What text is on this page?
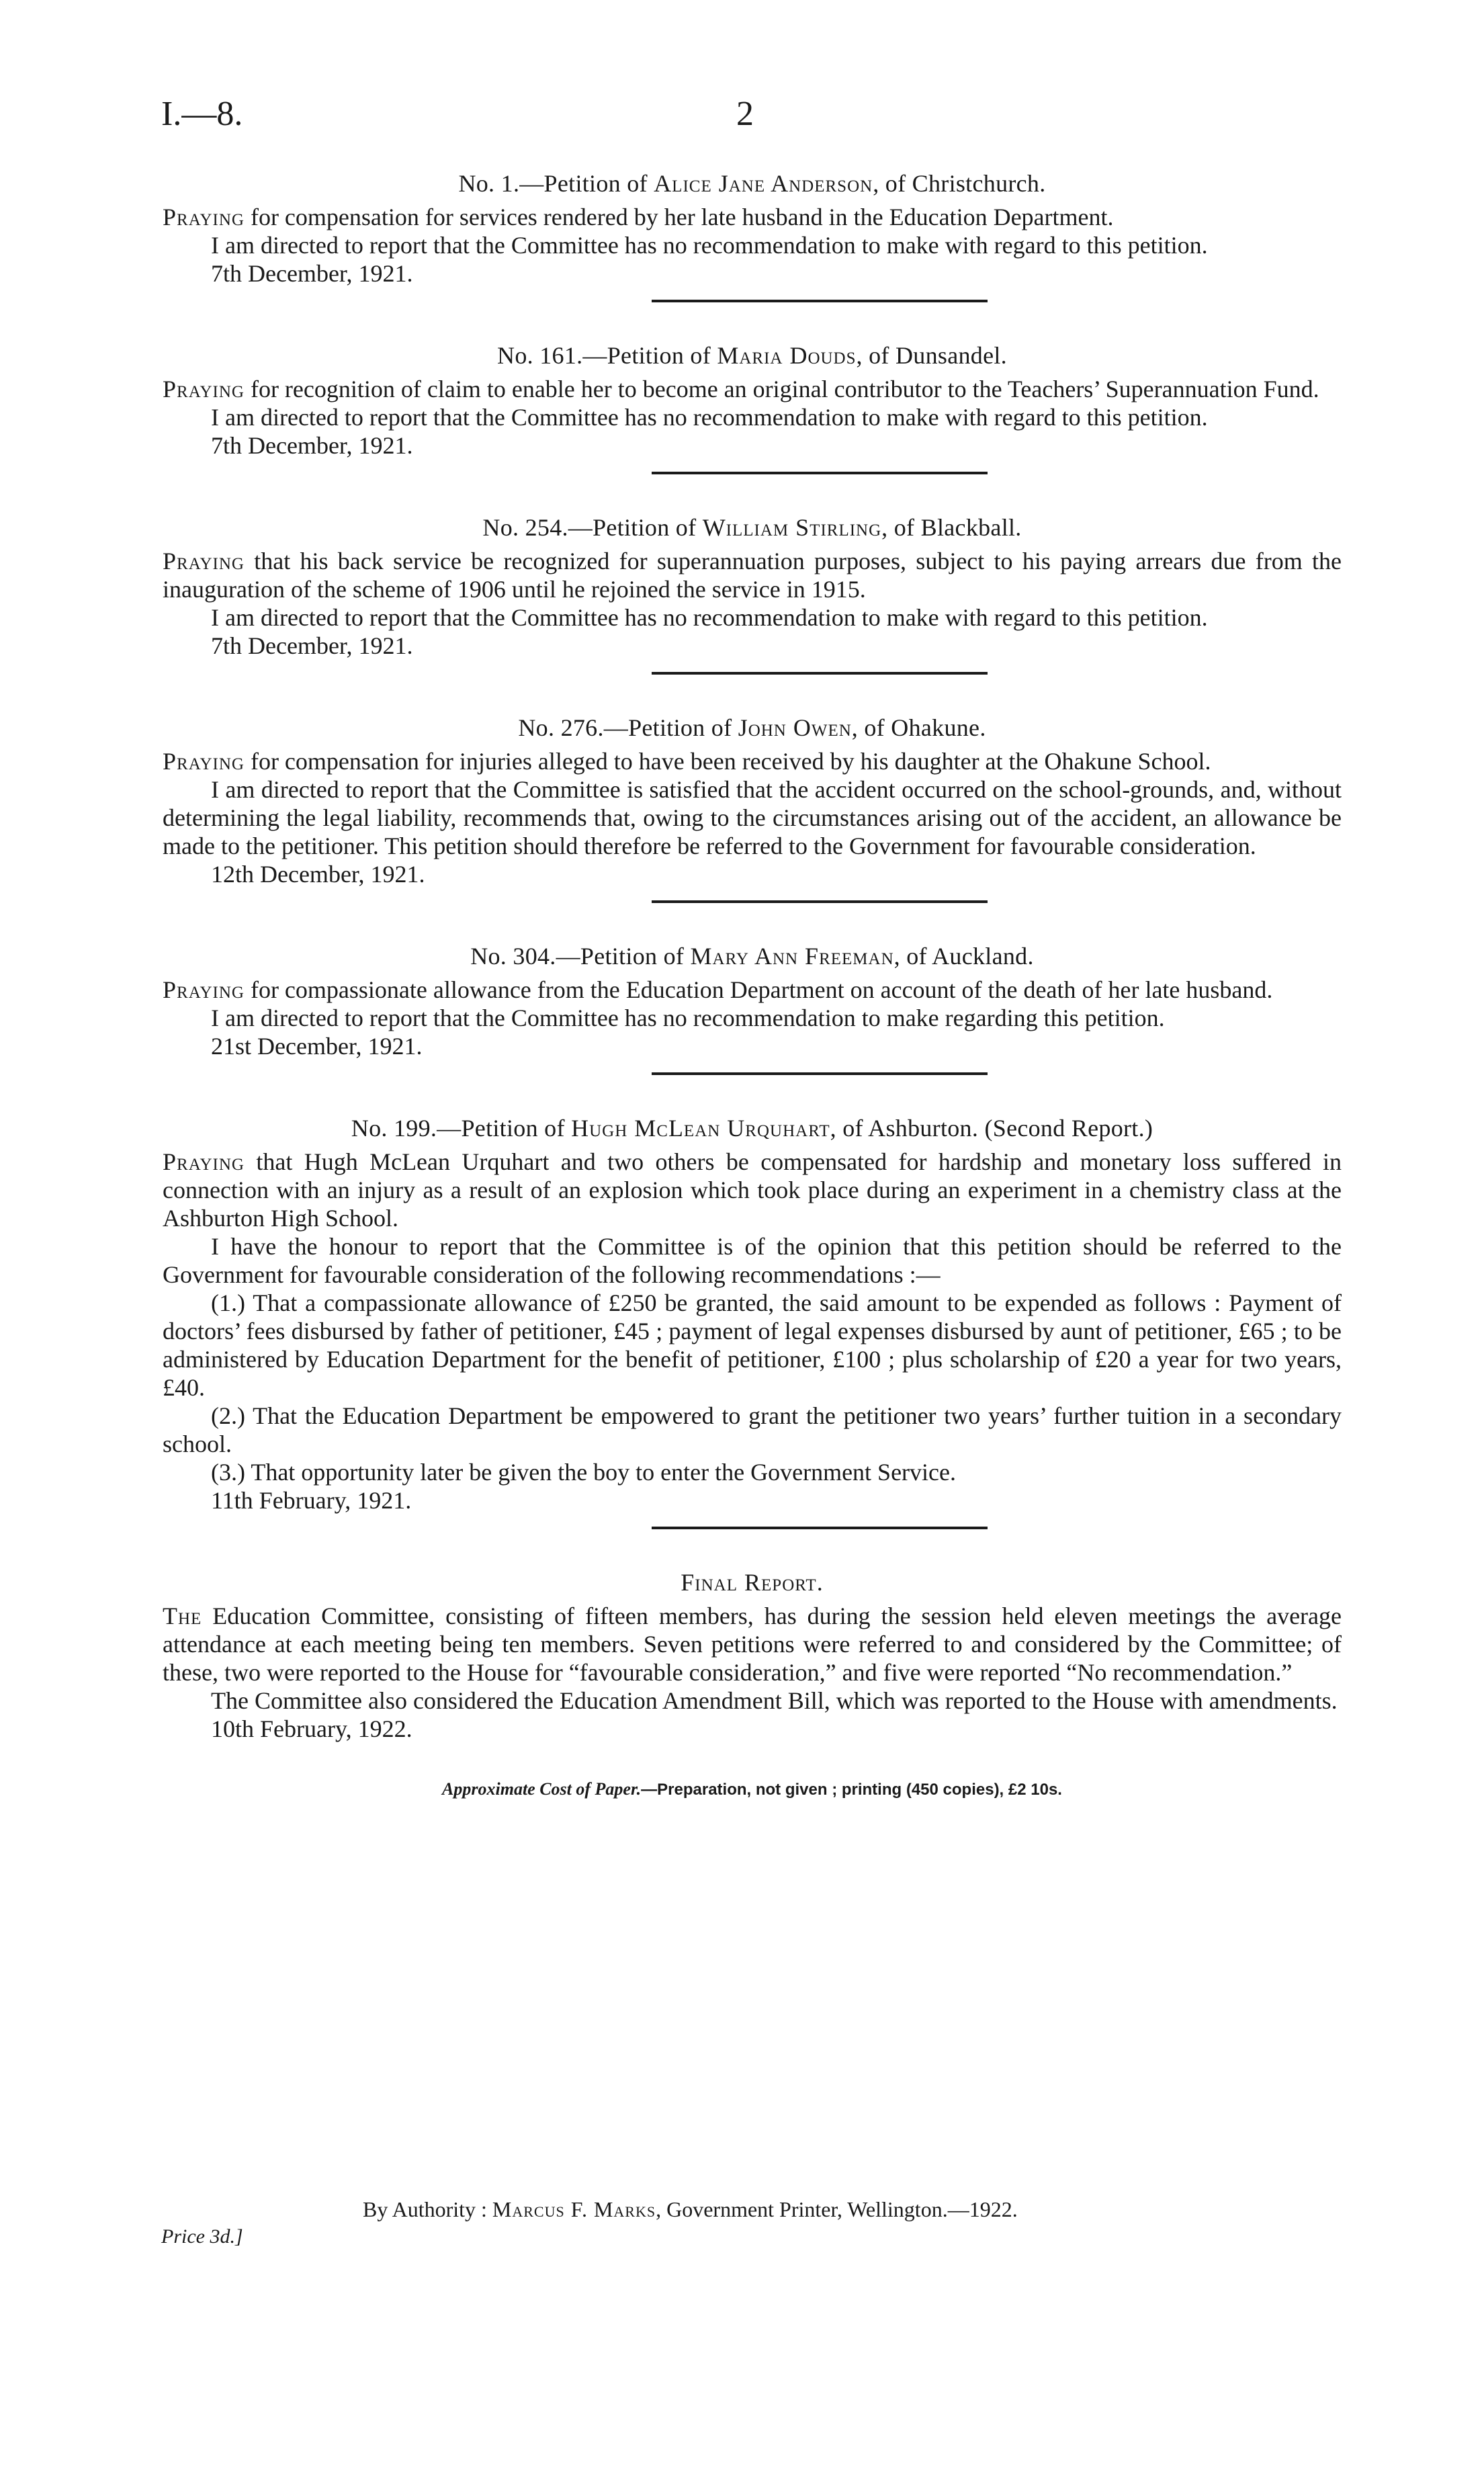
I.—8.	2
No. 1.—Petition of Alice Jane Anderson, of Christchurch.

Praying for compensation for services rendered by her late husband in the Education Department.

I am directed to report that the Committee has no recommendation to make with regard to this petition.

7th December, 1921.
No. 161.—Petition of Maria Douds, of Dunsandel.

Praying for recognition of claim to enable her to become an original contributor to the Teachers’ Superannuation Fund.

I am directed to report that the Committee has no recommendation to make with regard to this petition.

7th December, 1921.
No. 254.—Petition of William Stirling, of Blackball.

Praying that his back service be recognized for superannuation purposes, subject to his paying arrears due from the inauguration of the scheme of 1906 until he rejoined the service in 1915.

I am directed to report that the Committee has no recommendation to make with regard to this petition.

7th December, 1921.
No. 276.—Petition of John Owen, of Ohakune.

Praying for compensation for injuries alleged to have been received by his daughter at the Ohakune School.

I am directed to report that the Committee is satisfied that the accident occurred on the school-grounds, and, without determining the legal liability, recommends that, owing to the circumstances arising out of the accident, an allowance be made to the petitioner. This petition should therefore be referred to the Government for favourable consideration.

12th December, 1921.
No. 304.—Petition of Mary Ann Freeman, of Auckland.

Praying for compassionate allowance from the Education Department on account of the death of her late husband.

I am directed to report that the Committee has no recommendation to make regarding this petition.

21st December, 1921.
No. 199.—Petition of Hugh McLean Urquhart, of Ashburton. (Second Report.)

Praying that Hugh McLean Urquhart and two others be compensated for hardship and monetary loss suffered in connection with an injury as a result of an explosion which took place during an experiment in a chemistry class at the Ashburton High School.

I have the honour to report that the Committee is of the opinion that this petition should be referred to the Government for favourable consideration of the following recommendations :—

(1.) That a compassionate allowance of £250 be granted, the said amount to be expended as follows : Payment of doctors’ fees disbursed by father of petitioner, £45 ; payment of legal expenses disbursed by aunt of petitioner, £65 ; to be administered by Education Department for the benefit of petitioner, £100 ; plus scholarship of £20 a year for two years, £40.

(2.) That the Education Department be empowered to grant the petitioner two years’ further tuition in a secondary school.

(3.) That opportunity later be given the boy to enter the Government Service.

11th February, 1921.
Final Report.

The Education Committee, consisting of fifteen members, has during the session held eleven meetings the average attendance at each meeting being ten members. Seven petitions were referred to and considered by the Committee; of these, two were reported to the House for “favourable consideration,” and five were reported “No recommendation.”

The Committee also considered the Education Amendment Bill, which was reported to the House with amendments.

10th February, 1922.
Approximate Cost of Paper.—Preparation, not given ; printing (450 copies), £2 10s.
By Authority : Marcus F. Marks, Government Printer, Wellington.—1922.
Price 3d.]
